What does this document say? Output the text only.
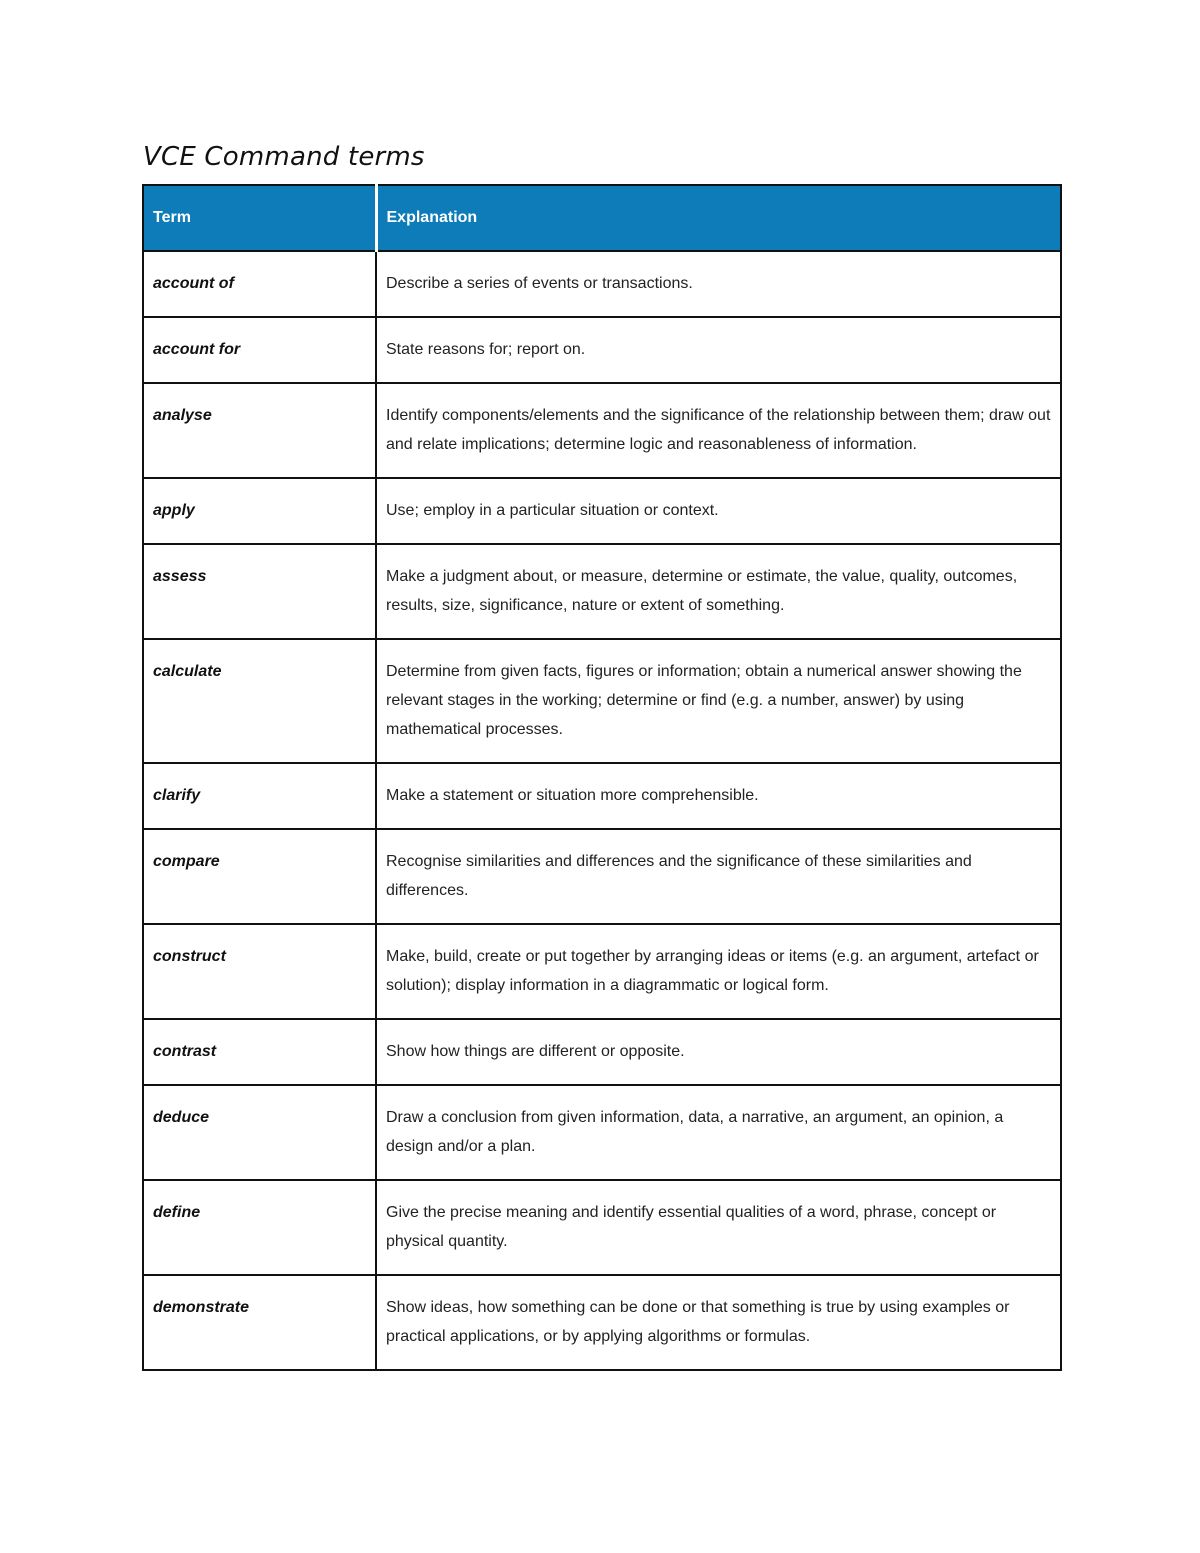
VCE Command terms
Term	Explanation
account of	Describe a series of events or transactions.
account for	State reasons for; report on.
analyse	Identify components/elements and the significance of the relationship between them; draw out and relate implications; determine logic and reasonableness of information.
apply	Use; employ in a particular situation or context.
assess	Make a judgment about, or measure, determine or estimate, the value, quality, outcomes, results, size, significance, nature or extent of something.
calculate	Determine from given facts, figures or information; obtain a numerical answer showing the relevant stages in the working; determine or find (e.g. a number, answer) by using mathematical processes.
clarify	Make a statement or situation more comprehensible.
compare	Recognise similarities and differences and the significance of these similarities and differences.
construct	Make, build, create or put together by arranging ideas or items (e.g. an argument, artefact or solution); display information in a diagrammatic or logical form.
contrast	Show how things are different or opposite.
deduce	Draw a conclusion from given information, data, a narrative, an argument, an opinion, a design and/or a plan.
define	Give the precise meaning and identify essential qualities of a word, phrase, concept or physical quantity.
demonstrate	Show ideas, how something can be done or that something is true by using examples or practical applications, or by applying algorithms or formulas.
